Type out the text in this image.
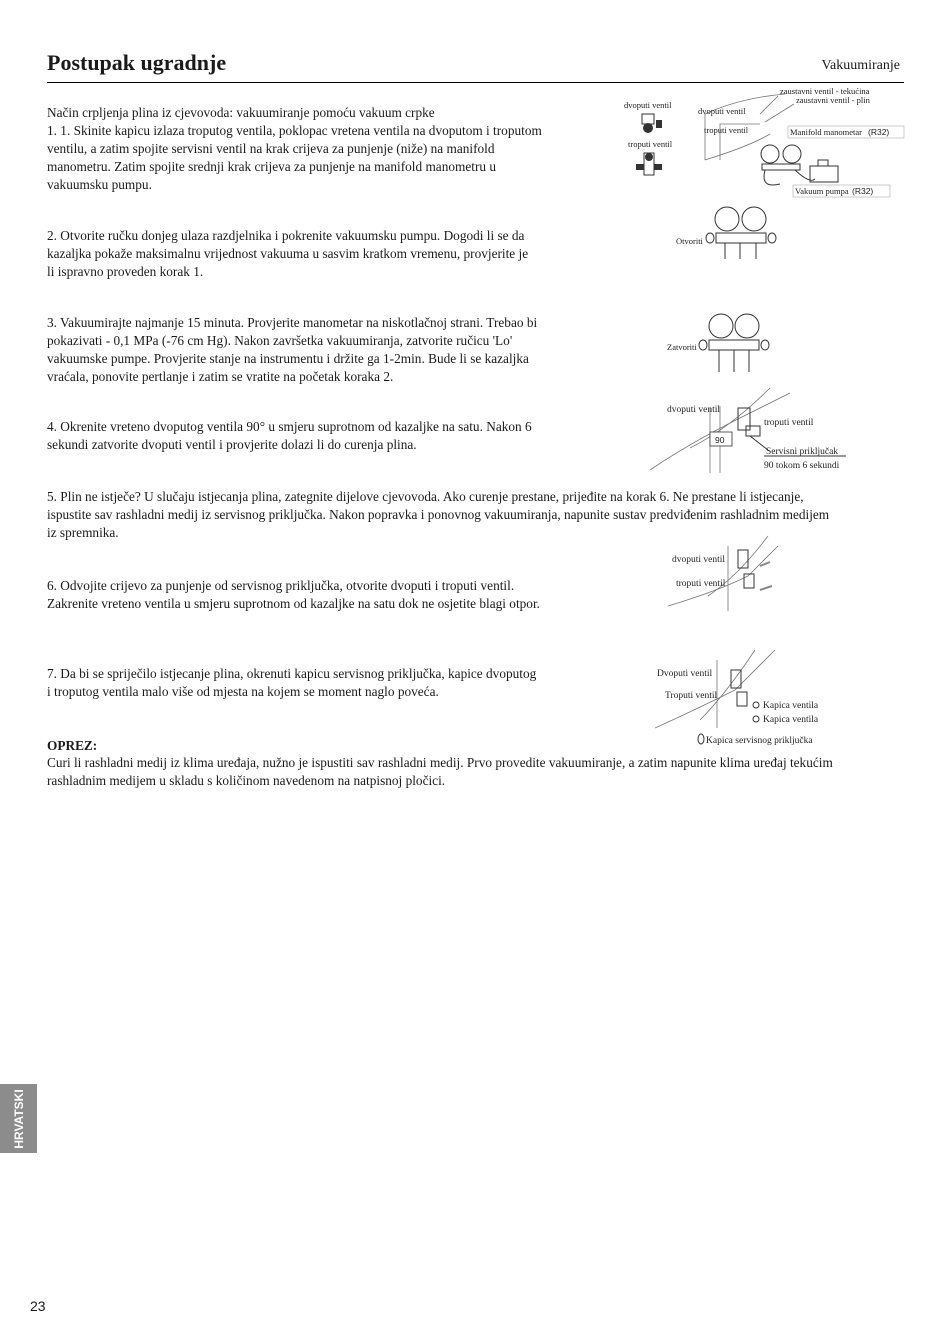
Postupak ugradnje	Vakuumiranje
Način crpljenja plina iz cjevovoda: vakuumiranje pomoću vakuum crpke
1. 1. Skinite kapicu izlaza troputog ventila, poklopac vretena ventila na dvoputom i troputom
ventilu, a zatim spojite servisni ventil na krak crijeva za punjenje (niže) na manifold
manometru. Zatim spojite srednji krak crijeva za punjenje na manifold manometru u
vakuumsku pumpu.
2. Otvorite ručku donjeg ulaza razdjelnika i pokrenite vakuumsku pumpu. Dogodi li se da
kazaljka pokaže maksimalnu vrijednost vakuuma u sasvim kratkom vremenu, provjerite je
li ispravno proveden korak 1.
3. Vakuumirajte najmanje 15 minuta. Provjerite manometar na niskotlačnoj strani. Trebao bi
pokazivati - 0,1 MPa (-76 cm Hg). Nakon završetka vakuumiranja, zatvorite ručicu 'Lo'
vakuumske pumpe. Provjerite stanje na instrumentu i držite ga 1-2min. Bude li se kazaljka
vraćala, ponovite pertlanje i zatim se vratite na početak koraka 2.
4. Okrenite vreteno dvoputog ventila 90° u smjeru suprotnom od kazaljke na satu. Nakon 6
sekundi zatvorite dvoputi ventil i provjerite dolazi li do curenja plina.
5. Plin ne istječe? U slučaju istjecanja plina, zategnite dijelove cjevovoda. Ako curenje prestane, prijeđite na korak 6. Ne prestane li istjecanje,
ispustite sav rashladni medij iz servisnog priključka. Nakon popravka i ponovnog vakuumiranja, napunite sustav predviđenim rashladnim medijem
iz spremnika.
6. Odvojite crijevo za punjenje od servisnog priključka, otvorite dvoputi i troputi ventil.
Zakrenite vreteno ventila u smjeru suprotnom od kazaljke na satu dok ne osjetite blagi otpor.
7. Da bi se spriječilo istjecanje plina, okrenuti kapicu servisnog priključka, kapice dvoputog
i troputog ventila malo više od mjesta na kojem se moment naglo poveća.
OPREZ:
Curi li rashladni medij iz klima uređaja, nužno je ispustiti sav rashladni medij. Prvo provedite vakuumiranje, a zatim napunite klima uređaj tekućim
rashladnim medijem u skladu s količinom navedenom na natpisnoj pločici.
dvoputi ventil
troputi ventil
dvoputi ventil
troputi ventil
zaustavni ventil - tekućina
zaustavni ventil - plin
Manifold manometar (R32)
Vakuum pumpa (R32)
Otvoriti
Zatvoriti
dvoputi ventil
troputi ventil
90
Servisni priključak
90 tokom 6 sekundi
dvoputi ventil
troputi ventil
Dvoputi ventil
Troputi ventil
Kapica ventila
Kapica ventila
Kapica servisnog priključka
HRVATSKI
23
